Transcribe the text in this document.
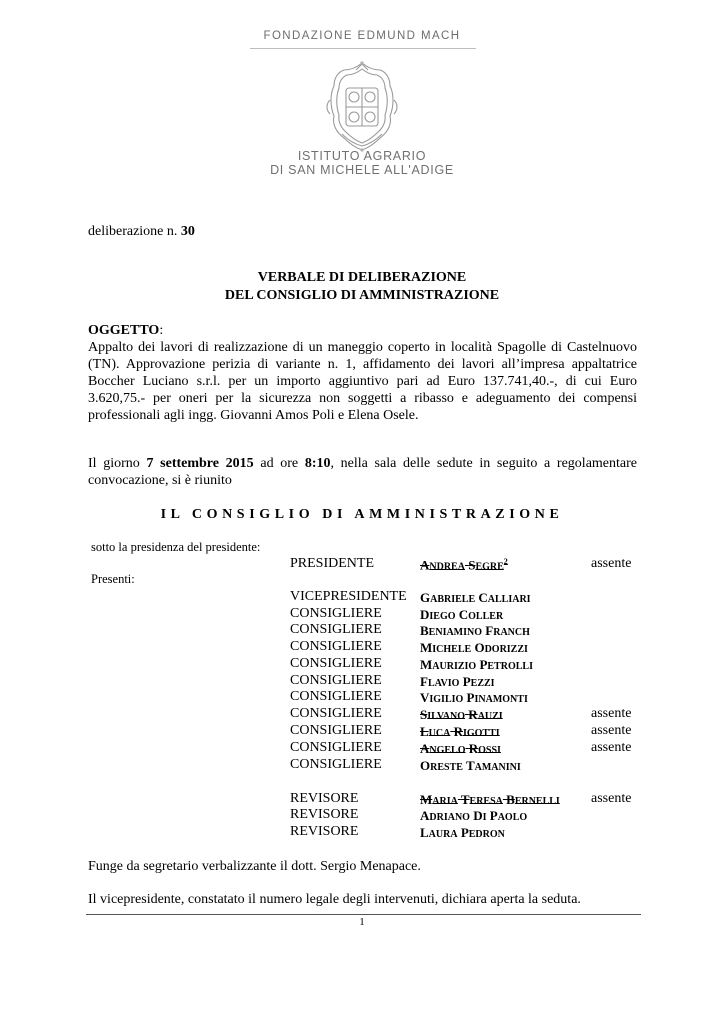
FONDAZIONE EDMUND MACH
ISTITUTO AGRARIO
DI SAN MICHELE ALL'ADIGE
deliberazione n. 30
VERBALE DI DELIBERAZIONE
DEL CONSIGLIO DI AMMINISTRAZIONE
OGGETTO:
Appalto dei lavori di realizzazione di un maneggio coperto in località Spagolle di Castelnuovo (TN). Approvazione perizia di variante n. 1, affidamento dei lavori all’impresa appaltatrice Boccher Luciano s.r.l. per un importo aggiuntivo pari ad Euro 137.741,40.-, di cui Euro 3.620,75.- per oneri per la sicurezza non soggetti a ribasso e adeguamento dei compensi professionali agli ingg. Giovanni Amos Poli e Elena Osele.
Il giorno 7 settembre 2015 ad ore 8:10, nella sala delle sedute in seguito a regolamentare
convocazione, si è riunito
IL CONSIGLIO DI AMMINISTRAZIONE
sotto la presidenza del presidente:
Presenti:
PRESIDENTE	ANDREA SEGRE$^2$	assente
VICEPRESIDENTE GABRIELE CALLIARI
CONSIGLIERE	DIEGO COLLER
CONSIGLIERE	BENIAMINO FRANCH
CONSIGLIERE	MICHELE ODORIZZI
CONSIGLIERE	MAURIZIO PETROLLI
CONSIGLIERE	FLAVIO PEZZI
CONSIGLIERE	VIGILIO PINAMONTI
CONSIGLIERE	SILVANO RAUZI	assente
CONSIGLIERE	LUCA RIGOTTI	assente
CONSIGLIERE	ANGELO ROSSI	assente
CONSIGLIERE	ORESTE TAMANINI
REVISORE	MARIA TERESA BERNELLI assente
REVISORE	ADRIANO DI PAOLO
REVISORE	LAURA PEDRON
Funge da segretario verbalizzante il dott. Sergio Menapace.
Il vicepresidente, constatato il numero legale degli intervenuti, dichiara aperta la seduta.
1
